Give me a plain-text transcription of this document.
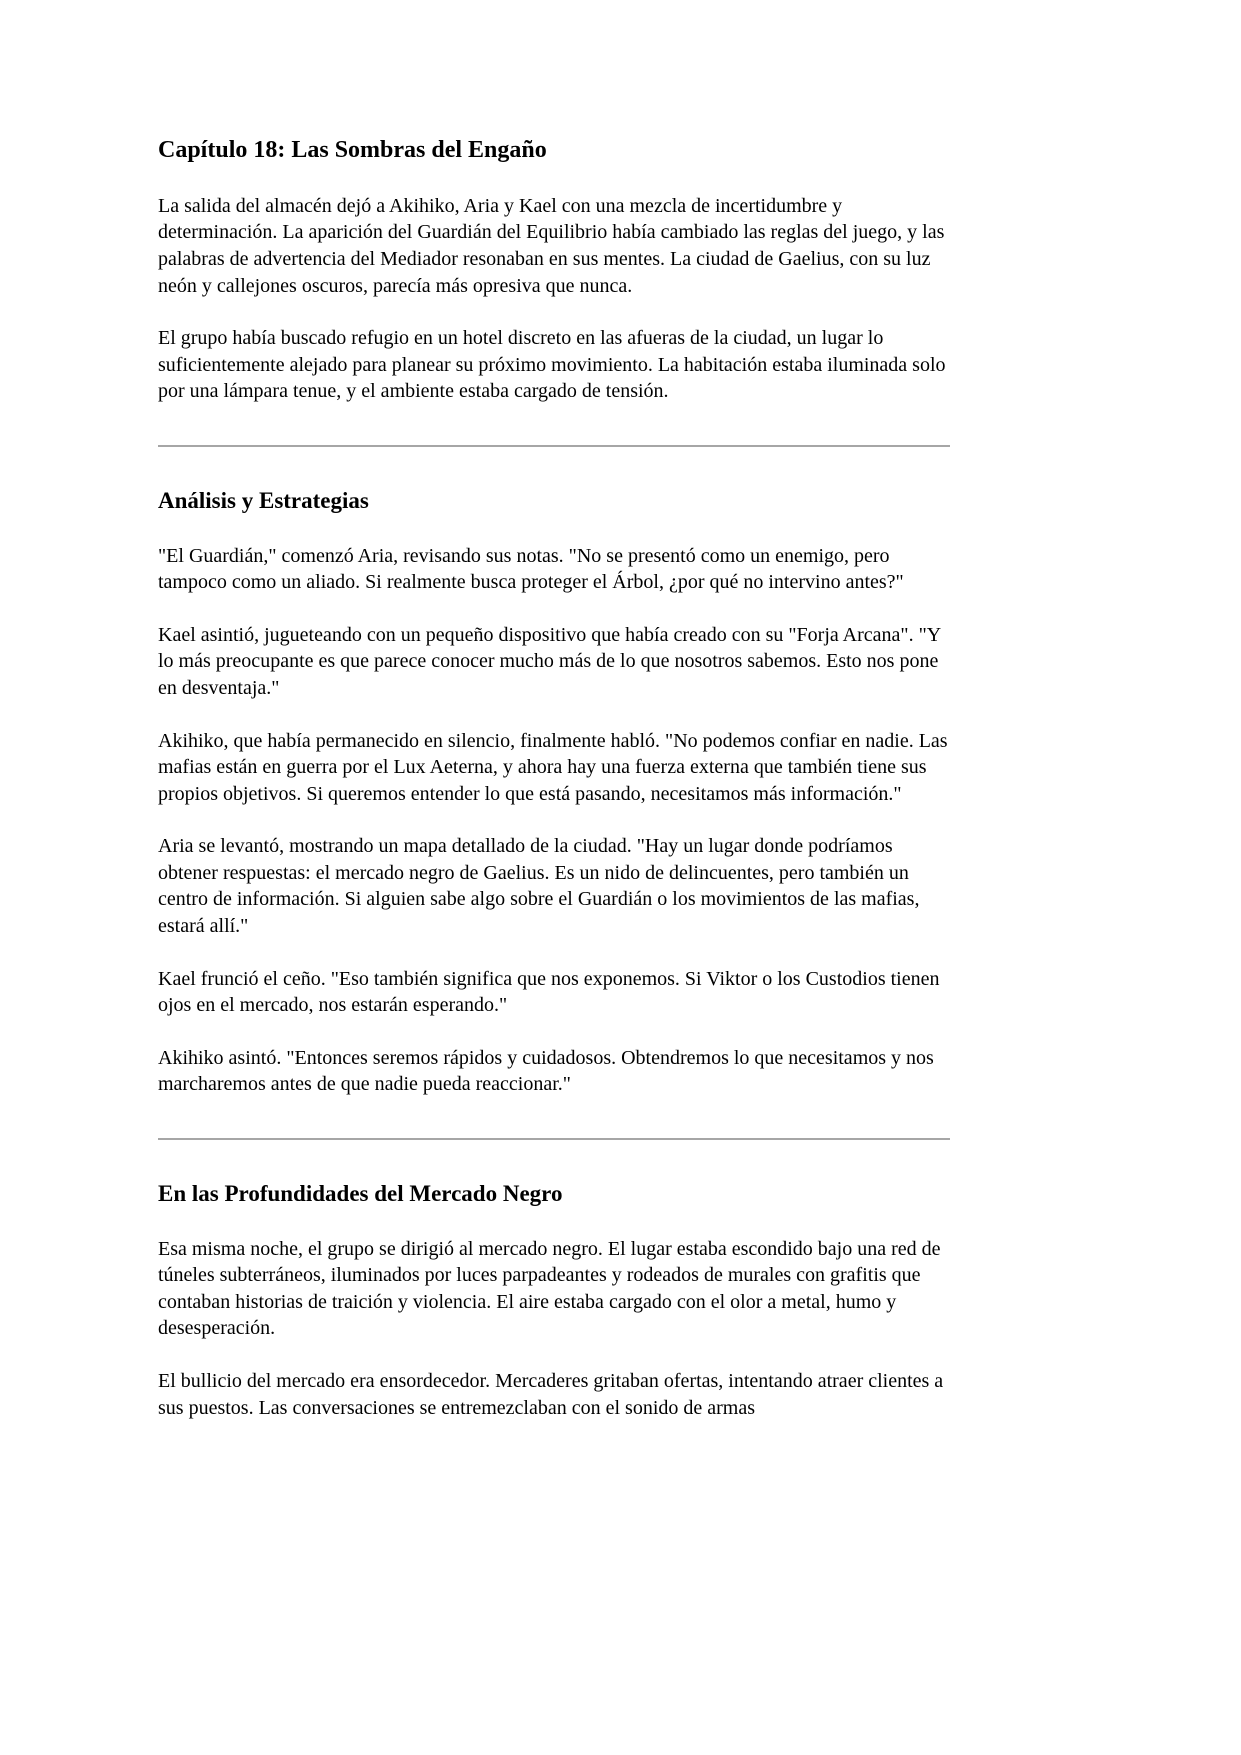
Capítulo 18: Las Sombras del Engaño

La salida del almacén dejó a Akihiko, Aria y Kael con una mezcla de incertidumbre y determinación. La aparición del Guardián del Equilibrio había cambiado las reglas del juego, y las palabras de advertencia del Mediador resonaban en sus mentes. La ciudad de Gaelius, con su luz neón y callejones oscuros, parecía más opresiva que nunca.

El grupo había buscado refugio en un hotel discreto en las afueras de la ciudad, un lugar lo suficientemente alejado para planear su próximo movimiento. La habitación estaba iluminada solo por una lámpara tenue, y el ambiente estaba cargado de tensión.

Análisis y Estrategias

"El Guardián," comenzó Aria, revisando sus notas. "No se presentó como un enemigo, pero tampoco como un aliado. Si realmente busca proteger el Árbol, ¿por qué no intervino antes?"

Kael asintió, jugueteando con un pequeño dispositivo que había creado con su "Forja Arcana". "Y lo más preocupante es que parece conocer mucho más de lo que nosotros sabemos. Esto nos pone en desventaja."

Akihiko, que había permanecido en silencio, finalmente habló. "No podemos confiar en nadie. Las mafias están en guerra por el Lux Aeterna, y ahora hay una fuerza externa que también tiene sus propios objetivos. Si queremos entender lo que está pasando, necesitamos más información."

Aria se levantó, mostrando un mapa detallado de la ciudad. "Hay un lugar donde podríamos obtener respuestas: el mercado negro de Gaelius. Es un nido de delincuentes, pero también un centro de información. Si alguien sabe algo sobre el Guardián o los movimientos de las mafias, estará allí."

Kael frunció el ceño. "Eso también significa que nos exponemos. Si Viktor o los Custodios tienen ojos en el mercado, nos estarán esperando."

Akihiko asintó. "Entonces seremos rápidos y cuidadosos. Obtendremos lo que necesitamos y nos marcharemos antes de que nadie pueda reaccionar."

En las Profundidades del Mercado Negro

Esa misma noche, el grupo se dirigió al mercado negro. El lugar estaba escondido bajo una red de túneles subterráneos, iluminados por luces parpadeantes y rodeados de murales con grafitis que contaban historias de traición y violencia. El aire estaba cargado con el olor a metal, humo y desesperación.

El bullicio del mercado era ensordecedor. Mercaderes gritaban ofertas, intentando atraer clientes a sus puestos. Las conversaciones se entremezclaban con el sonido de armas
